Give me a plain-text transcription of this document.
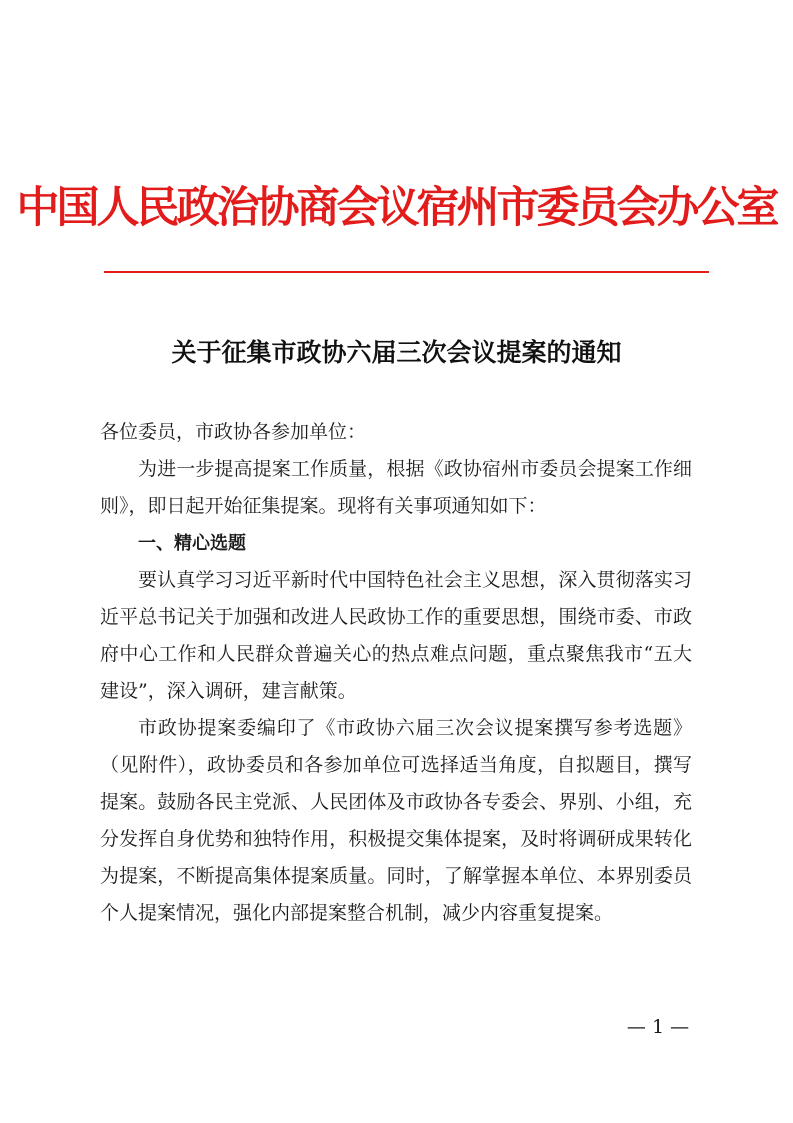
中国人民政治协商会议宿州市委员会办公室
关于征集市政协六届三次会议提案的通知

各位委员，市政协各参加单位：

为进一步提高提案工作质量，根据《政协宿州市委员会提案工作细则》，即日起开始征集提案。现将有关事项通知如下：

一、精心选题

要认真学习习近平新时代中国特色社会主义思想，深入贯彻落实习近平总书记关于加强和改进人民政协工作的重要思想，围绕市委、市政府中心工作和人民群众普遍关心的热点难点问题，重点聚焦我市“五大建设”，深入调研，建言献策。

市政协提案委编印了《市政协六届三次会议提案撰写参考选题》（见附件），政协委员和各参加单位可选择适当角度，自拟题目，撰写提案。鼓励各民主党派、人民团体及市政协各专委会、界别、小组，充分发挥自身优势和独特作用，积极提交集体提案，及时将调研成果转化为提案，不断提高集体提案质量。同时，了解掌握本单位、本界别委员个人提案情况，强化内部提案整合机制，减少内容重复提案。

— 1 —
